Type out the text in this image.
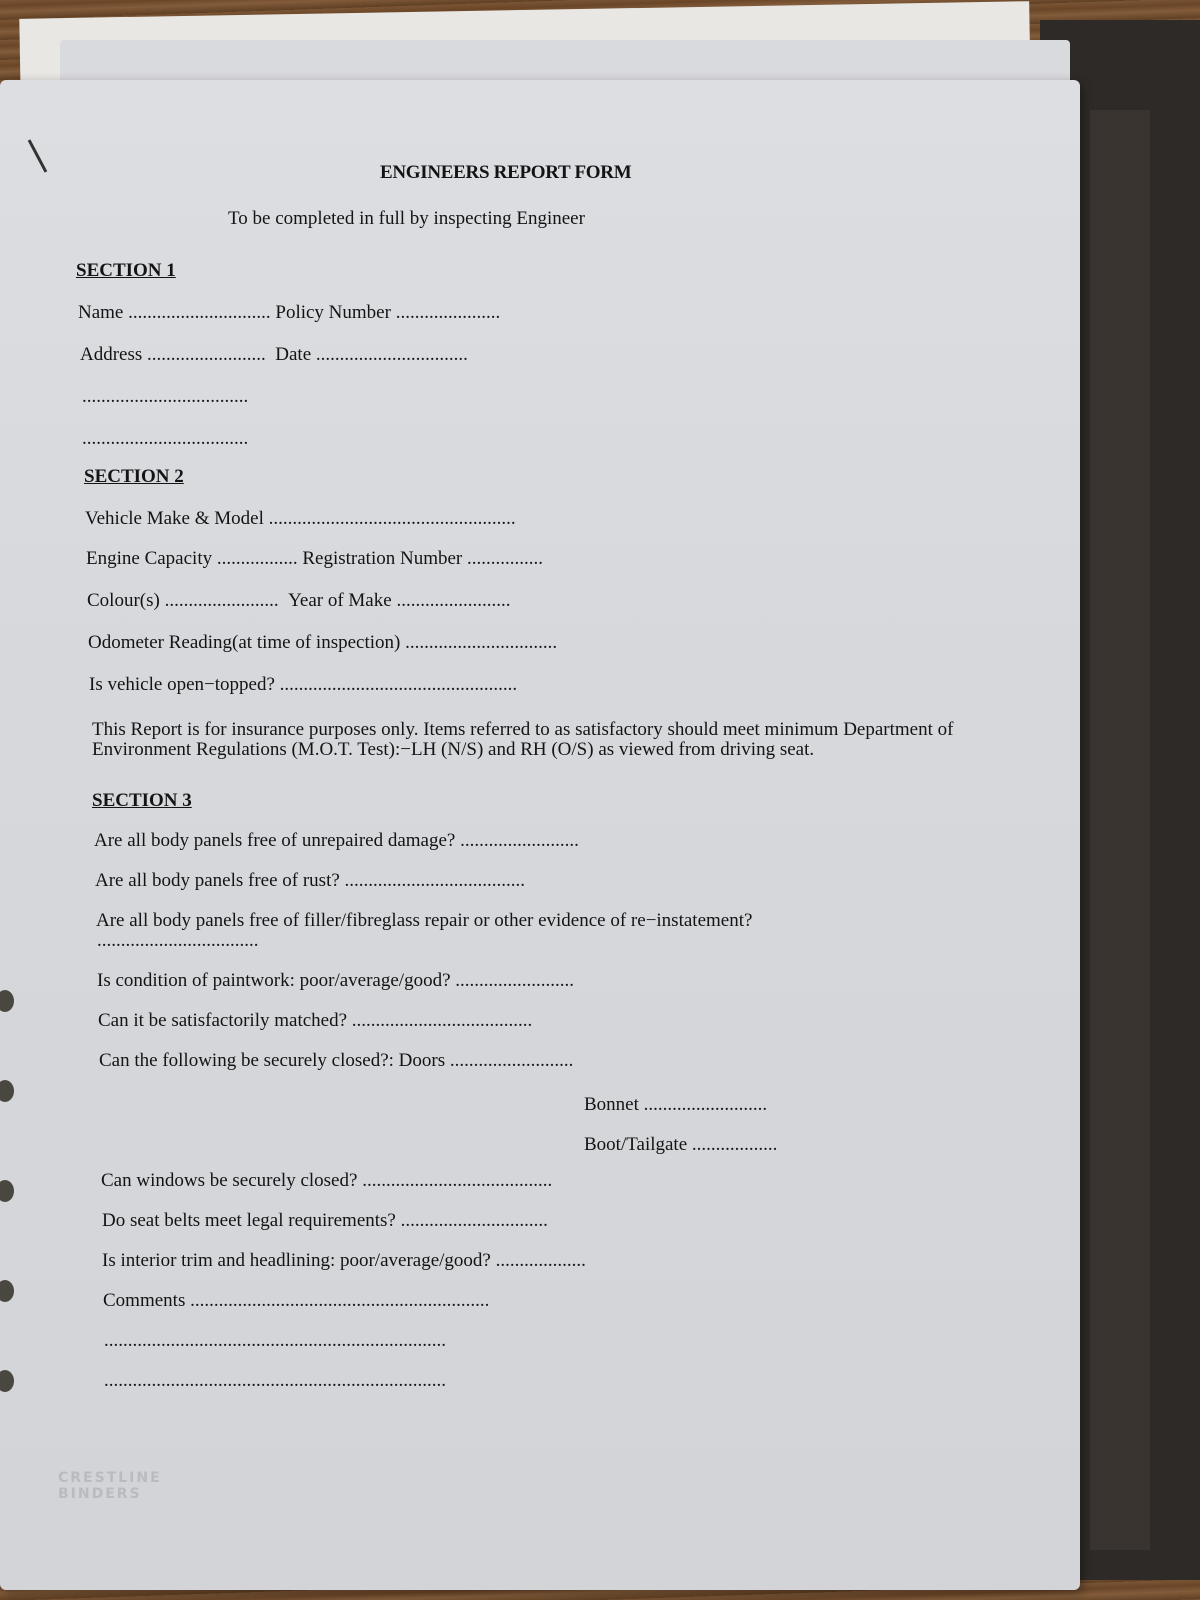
ENGINEERS REPORT FORM
To be completed in full by inspecting Engineer
SECTION 1
Name .............................. Policy Number ......................
Address ......................... Date ................................
...................................
...................................
SECTION 2
Vehicle Make & Model ....................................................
Engine Capacity ................. Registration Number ................
Colour(s) ........................ Year of Make ........................
Odometer Reading(at time of inspection) ................................
Is vehicle open−topped? ..................................................
This Report is for insurance purposes only. Items referred to as satisfactory should meet minimum Department of Environment Regulations (M.O.T. Test):−LH (N/S) and RH (O/S) as viewed from driving seat.
SECTION 3
Are all body panels free of unrepaired damage? .........................
Are all body panels free of rust? ......................................
Are all body panels free of filler/fibreglass repair or other evidence of re−instatement?
..................................
Is condition of paintwork: poor/average/good? .........................
Can it be satisfactorily matched? ......................................
Can the following be securely closed?: Doors ..........................
Bonnet ..........................
Boot/Tailgate ..................
Can windows be securely closed? ........................................
Do seat belts meet legal requirements? ...............................
Is interior trim and headlining: poor/average/good? ...................
Comments ...............................................................
........................................................................
........................................................................
CRESTLINE
BINDERS
